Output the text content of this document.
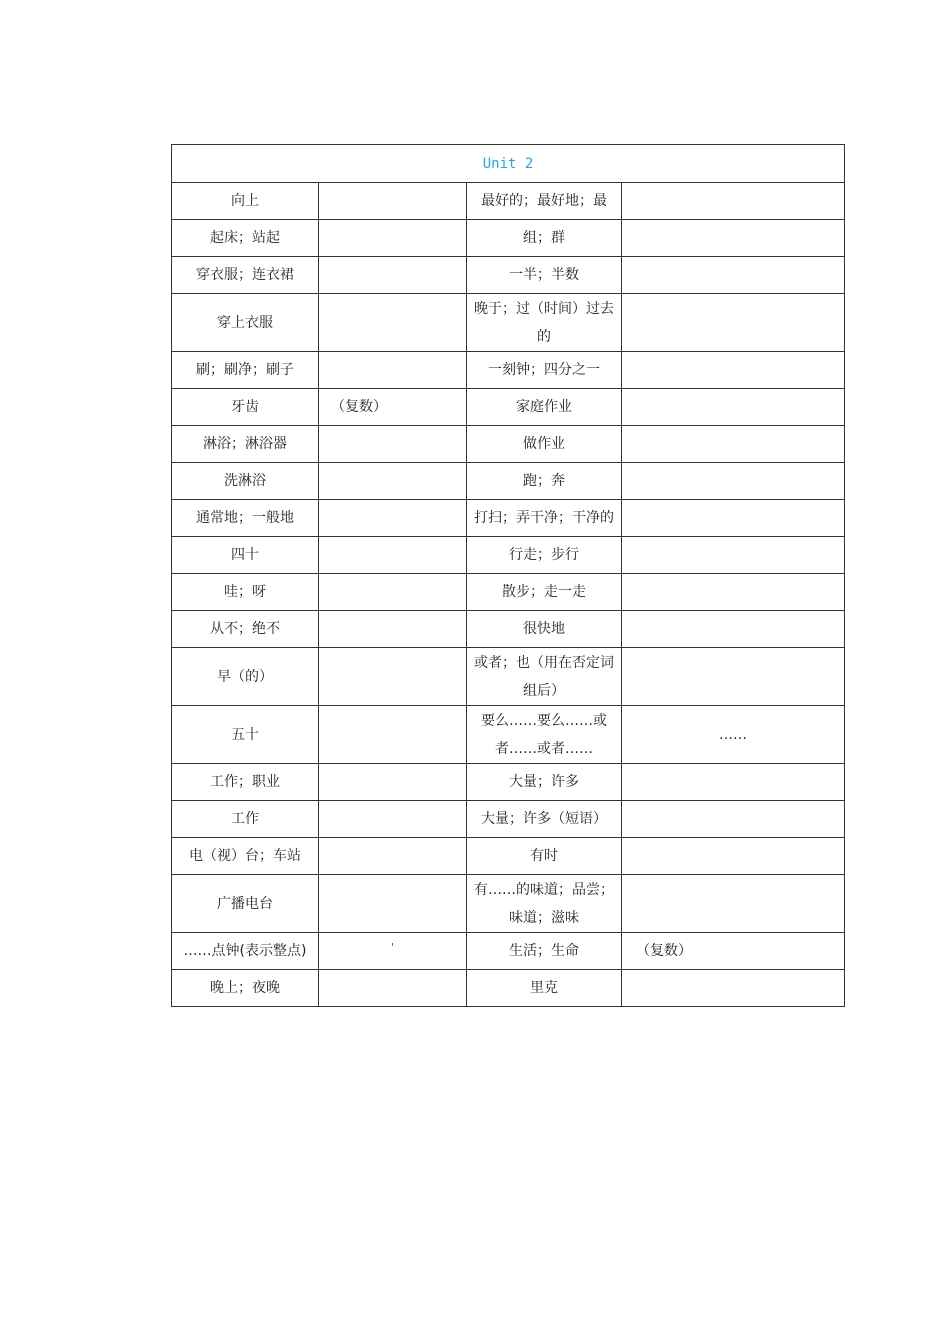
Unit 2			
向上		最好的；最好地；最	
起床；站起		组；群	
穿衣服；连衣裙		一半；半数	
穿上衣服		晚于；过（时间）过去的	
刷；刷净；刷子		一刻钟；四分之一	
牙齿	（复数）	家庭作业	
淋浴；淋浴器		做作业	
洗淋浴		跑；奔	
通常地；一般地		打扫；弄干净；干净的	
四十		行走；步行	
哇；呀		散步；走一走	
从不；绝不		很快地	
早（的）		或者；也（用在否定词组后）	
五十		要么……要么……或者……或者……	……
工作；职业		大量；许多	
工作		大量；许多（短语）	
电（视）台；车站		有时	
广播电台		有……的味道；品尝；味道；滋味	
……点钟(表示整点)	'	生活；生命	（复数）
晚上；夜晚		里克	
